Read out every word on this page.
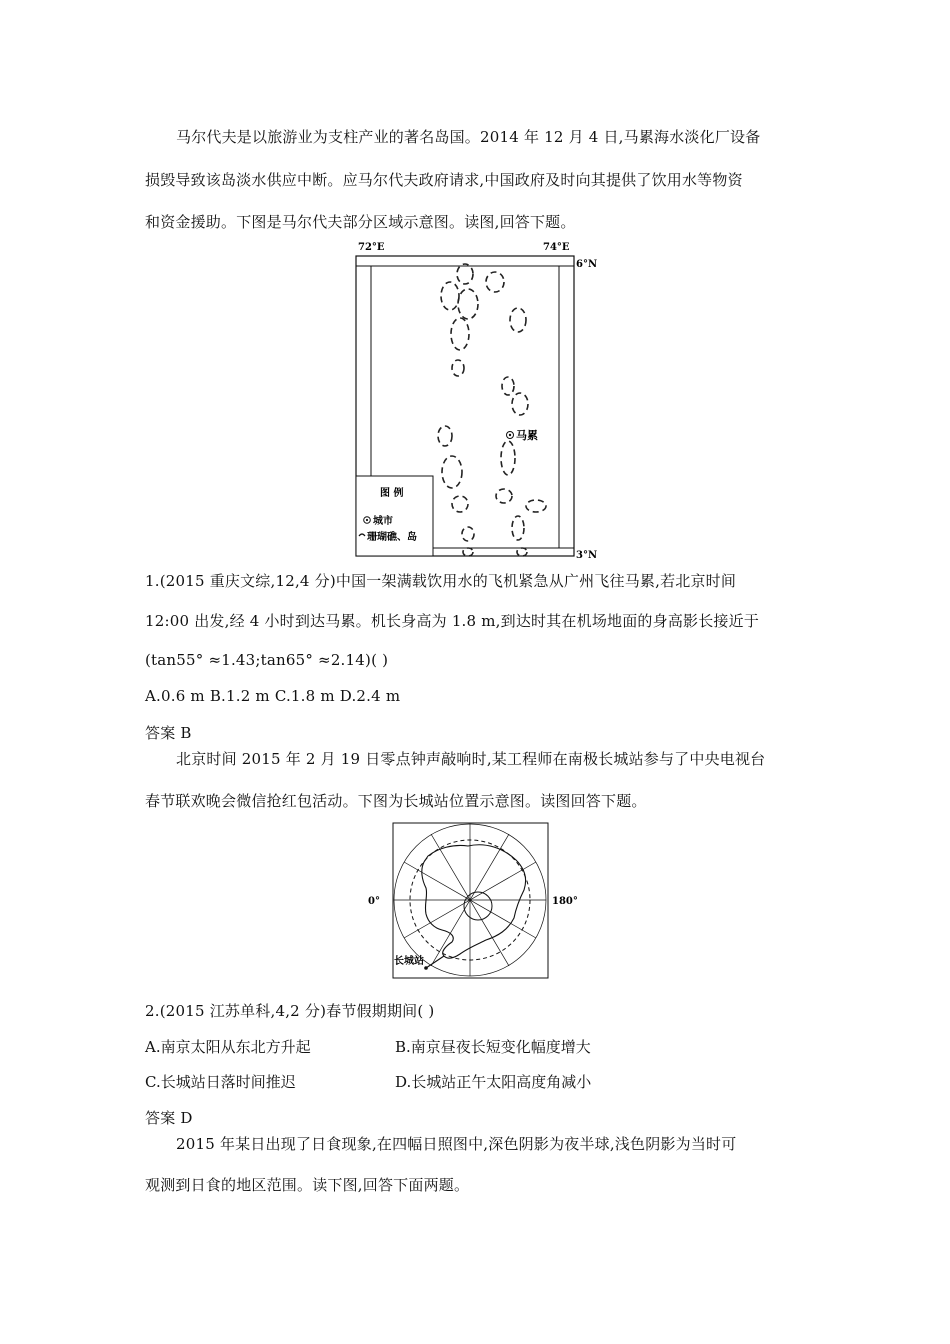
马尔代夫是以旅游业为支柱产业的著名岛国。2014 年 12 月 4 日,马累海水淡化厂设备
损毁导致该岛淡水供应中断。应马尔代夫政府请求,中国政府及时向其提供了饮用水等物资
和资金援助。下图是马尔代夫部分区域示意图。读图,回答下题。
72°E	74°E
6°N
3°N
马累
图 例
城市
珊瑚礁、岛
1.(2015 重庆文综,12,4 分)中国一架满载饮用水的飞机紧急从广州飞往马累,若北京时间
12:00 出发,经 4 小时到达马累。机长身高为 1.8 m,到达时其在机场地面的身高影长接近于
(tan55° ≈1.43;tan65° ≈2.14)( )
A.0.6 m B.1.2 m C.1.8 m D.2.4 m
答案 B
北京时间 2015 年 2 月 19 日零点钟声敲响时,某工程师在南极长城站参与了中央电视台
春节联欢晚会微信抢红包活动。下图为长城站位置示意图。读图回答下题。
0°	180°
长城站
2.(2015 江苏单科,4,2 分)春节假期期间( )
A.南京太阳从东北方升起	B.南京昼夜长短变化幅度增大
C.长城站日落时间推迟	D.长城站正午太阳高度角减小
答案 D
2015 年某日出现了日食现象,在四幅日照图中,深色阴影为夜半球,浅色阴影为当时可
观测到日食的地区范围。读下图,回答下面两题。
